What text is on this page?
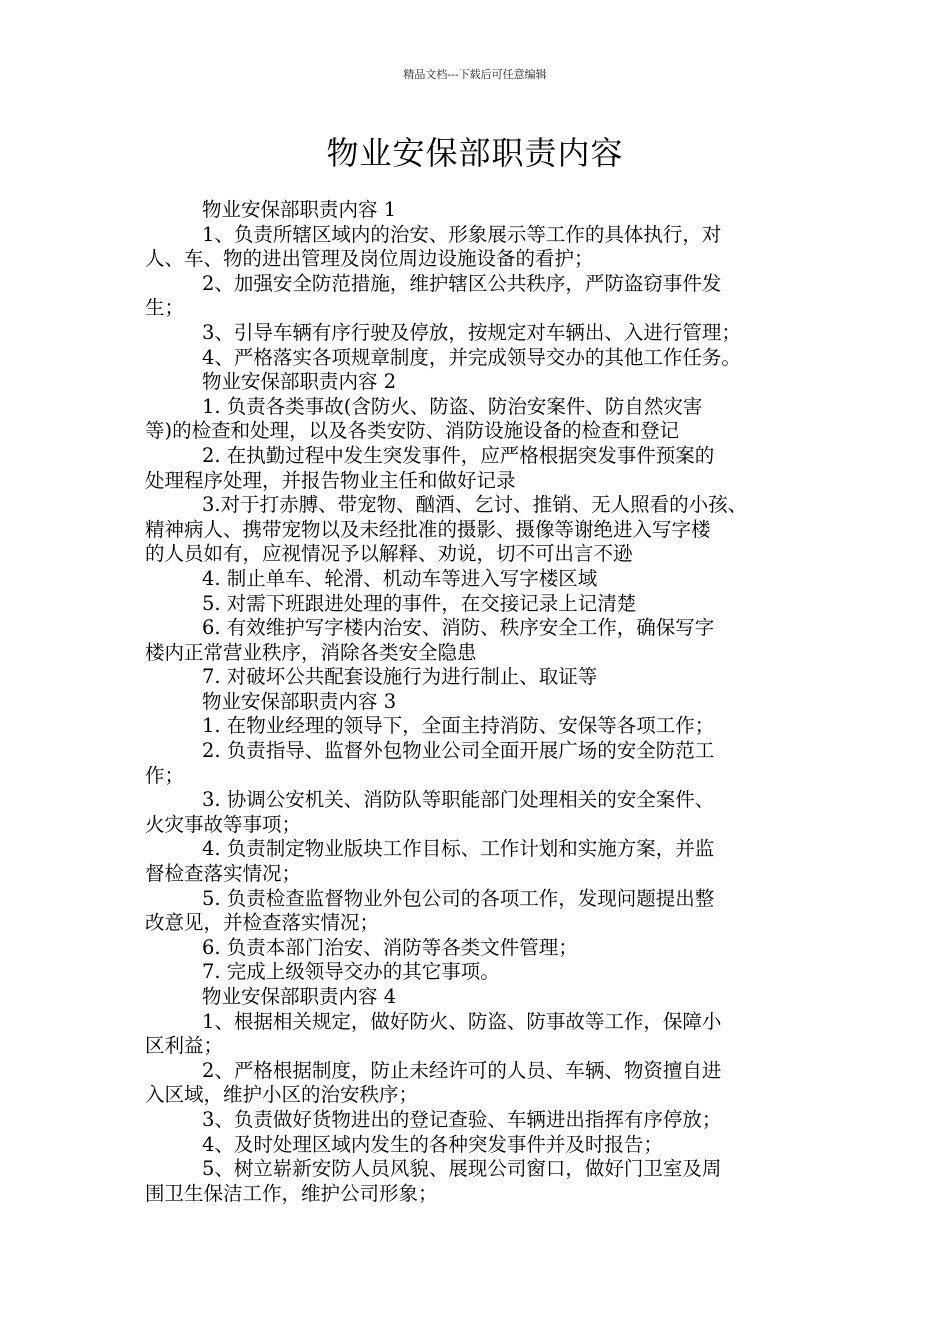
精品文档---下载后可任意编辑
物业安保部职责内容
物业安保部职责内容 1
1、负责所辖区域内的治安、形象展示等工作的具体执行，对
人、车、物的进出管理及岗位周边设施设备的看护；
2、加强安全防范措施，维护辖区公共秩序，严防盗窃事件发
生；
3、引导车辆有序行驶及停放，按规定对车辆出、入进行管理；
4、严格落实各项规章制度，并完成领导交办的其他工作任务。
物业安保部职责内容 2
1. 负责各类事故(含防火、防盗、防治安案件、防自然灾害
等)的检查和处理，以及各类安防、消防设施设备的检查和登记
2. 在执勤过程中发生突发事件，应严格根据突发事件预案的
处理程序处理，并报告物业主任和做好记录
3.对于打赤膊、带宠物、酗酒、乞讨、推销、无人照看的小孩、
精神病人、携带宠物以及未经批准的摄影、摄像等谢绝进入写字楼
的人员如有，应视情况予以解释、劝说，切不可出言不逊
4. 制止单车、轮滑、机动车等进入写字楼区域
5. 对需下班跟进处理的事件，在交接记录上记清楚
6. 有效维护写字楼内治安、消防、秩序安全工作，确保写字
楼内正常营业秩序，消除各类安全隐患
7. 对破坏公共配套设施行为进行制止、取证等
物业安保部职责内容 3
1. 在物业经理的领导下，全面主持消防、安保等各项工作；
2. 负责指导、监督外包物业公司全面开展广场的安全防范工
作；
3. 协调公安机关、消防队等职能部门处理相关的安全案件、
火灾事故等事项；
4. 负责制定物业版块工作目标、工作计划和实施方案，并监
督检查落实情况；
5. 负责检查监督物业外包公司的各项工作，发现问题提出整
改意见，并检查落实情况；
6. 负责本部门治安、消防等各类文件管理；
7. 完成上级领导交办的其它事项。
物业安保部职责内容 4
1、根据相关规定，做好防火、防盗、防事故等工作，保障小
区利益；
2、严格根据制度，防止未经许可的人员、车辆、物资擅自进
入区域，维护小区的治安秩序；
3、负责做好货物进出的登记查验、车辆进出指挥有序停放；
4、及时处理区域内发生的各种突发事件并及时报告；
5、树立崭新安防人员风貌、展现公司窗口，做好门卫室及周
围卫生保洁工作，维护公司形象；
